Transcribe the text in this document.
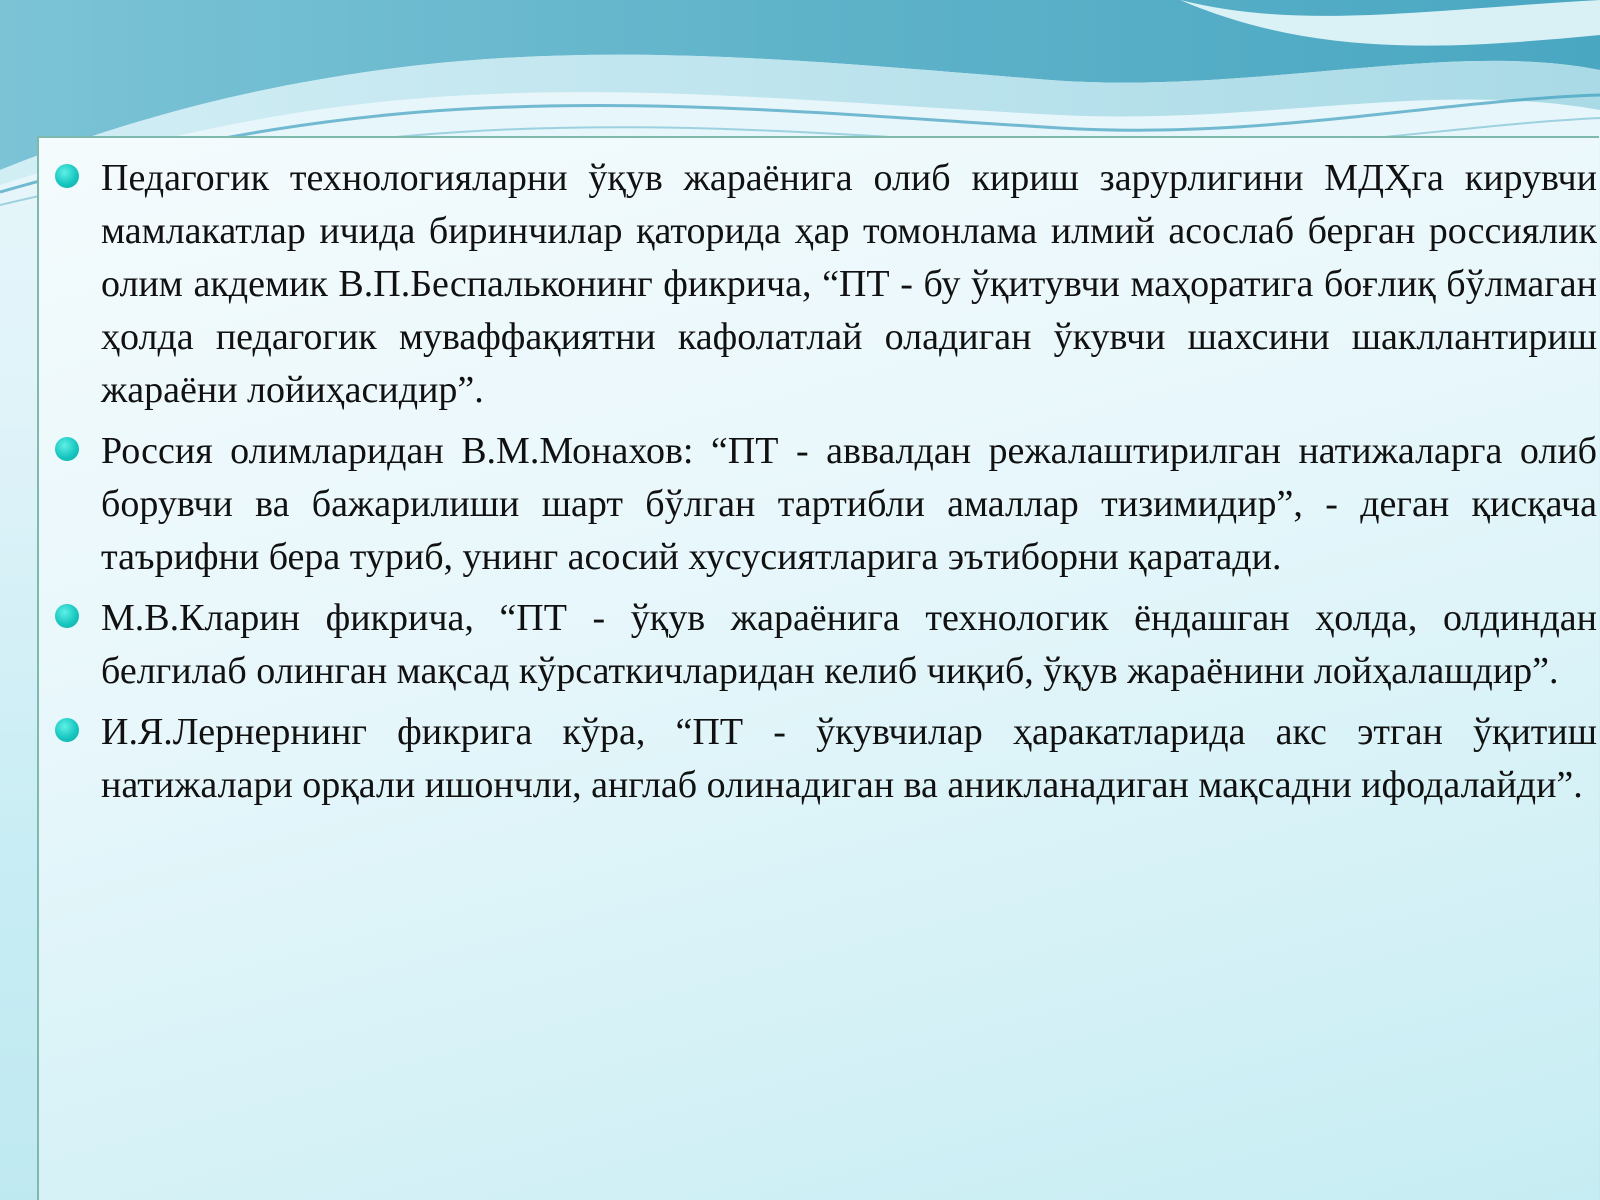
Педагогик технологияларни ўқув жараёнига олиб кириш зарурлигини МДҲга кирувчи мамлакатлар ичида биринчилар қаторида ҳар томонлама илмий асослаб берган россиялик олим акдемик В.П.Беспальконинг фикрича, “ПТ - бу ўқитувчи маҳоратига боғлиқ бўлмаган ҳолда педагогик муваффақиятни кафолатлай оладиган ўкувчи шахсини шакллантириш жараёни лойиҳасидир”.
Россия олимларидан В.М.Монахов: “ПТ - аввалдан режалаштирилган натижаларга олиб борувчи ва бажарилиши шарт бўлган тартибли амаллар тизимидир”, - деган қисқача таърифни бера туриб, унинг асосий хусусиятларига эътиборни қаратади.
М.В.Кларин фикрича, “ПТ - ўқув жараёнига технологик ёндашган ҳолда, олдиндан белгилаб олинган мақсад кўрсаткичларидан келиб чиқиб, ўқув жараёнини лойҳалашдир”.
И.Я.Лернернинг фикрига кўра, “ПТ - ўкувчилар ҳаракатларида акс этган ўқитиш натижалари орқали ишончли, англаб олинадиган ва аникланадиган мақсадни ифодалайди”.
